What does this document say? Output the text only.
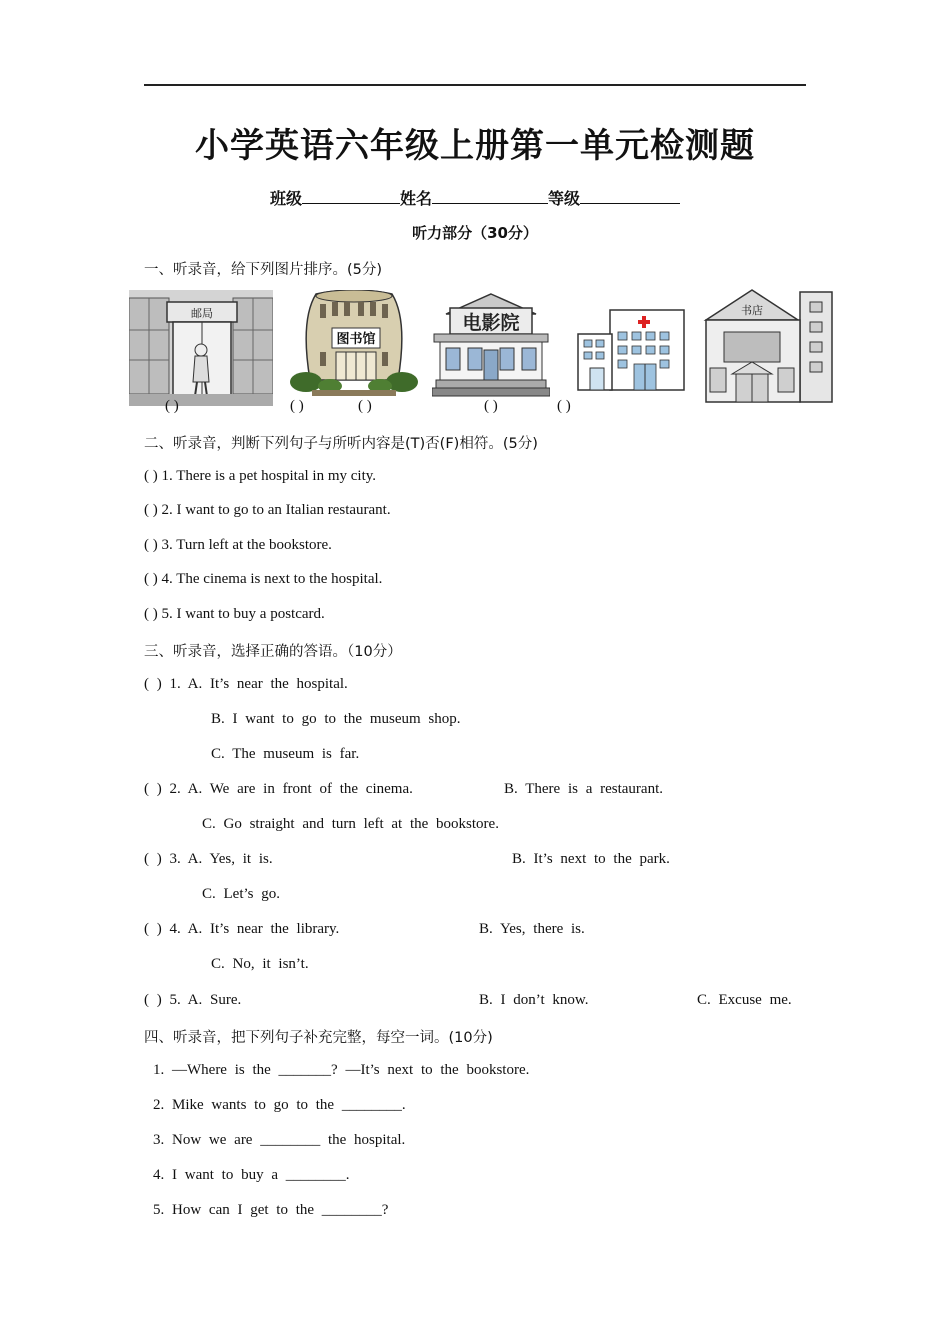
小学英语六年级上册第一单元检测题
班级	姓名	等级
听力部分（30分）
一、听录音，给下列图片排序。(5分)
邮局
图书馆
电影院
书店
( )	( )	( )	( )	( )
二、听录音，判断下列句子与所听内容是(T)否(F)相符。(5分)
( ) 1. There is a pet hospital in my city.
( ) 2. I want to go to an Italian restaurant.
( ) 3. Turn left at the bookstore.
( ) 4. The cinema is next to the hospital.
( ) 5. I want to buy a postcard.
三、听录音，选择正确的答语。（10分）
( ) 1. A. It’s near the hospital.
B. I want to go to the museum shop.
C. The museum is far.
( ) 2. A. We are in front of the cinema.	B. There is a restaurant.
C. Go straight and turn left at the bookstore.
( ) 3. A. Yes, it is.	B. It’s next to the park.
C. Let’s go.
( ) 4. A. It’s near the library.	B. Yes, there is.
C. No, it isn’t.
( ) 5. A. Sure.	B. I don’t know.	C. Excuse me.
四、听录音，把下列句子补充完整，每空一词。(10分)
1. —Where is the _______? —It’s next to the bookstore.
2. Mike wants to go to the ________.
3. Now we are ________ the hospital.
4. I want to buy a ________.
5. How can I get to the ________?
